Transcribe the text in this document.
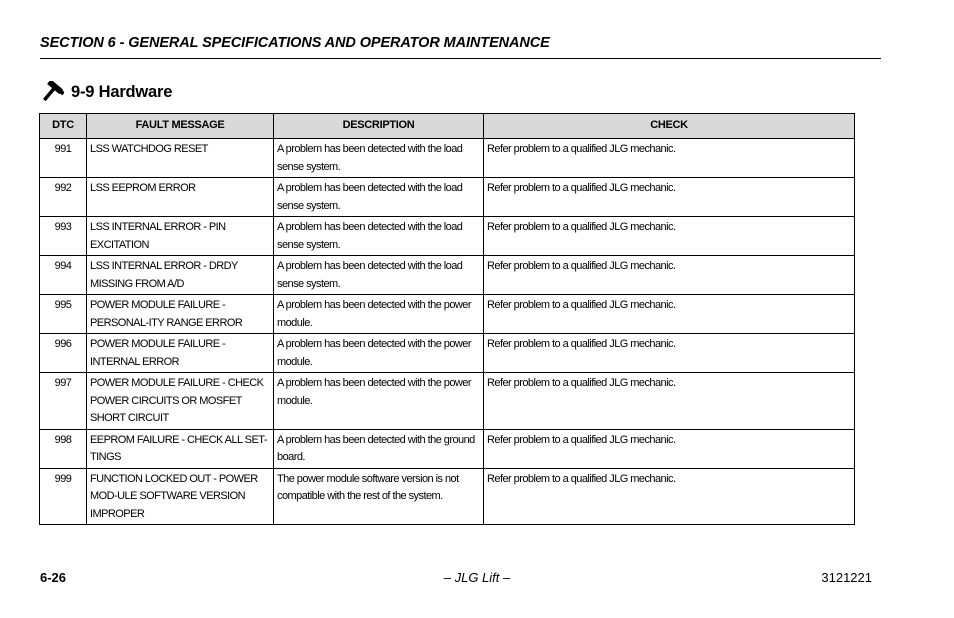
SECTION 6 - GENERAL SPECIFICATIONS AND OPERATOR MAINTENANCE
9-9 Hardware
DTC	FAULT MESSAGE	DESCRIPTION	CHECK
991	LSS WATCHDOG RESET	A problem has been detected with the load sense system.	Refer problem to a qualified JLG mechanic.
992	LSS EEPROM ERROR	A problem has been detected with the load sense system.	Refer problem to a qualified JLG mechanic.
993	LSS INTERNAL ERROR - PIN EXCITATION	A problem has been detected with the load sense system.	Refer problem to a qualified JLG mechanic.
994	LSS INTERNAL ERROR - DRDY MISSING FROM A/D	A problem has been detected with the load sense system.	Refer problem to a qualified JLG mechanic.
995	POWER MODULE FAILURE - PERSONAL-ITY RANGE ERROR	A problem has been detected with the power module.	Refer problem to a qualified JLG mechanic.
996	POWER MODULE FAILURE - INTERNAL ERROR	A problem has been detected with the power module.	Refer problem to a qualified JLG mechanic.
997	POWER MODULE FAILURE - CHECK POWER CIRCUITS OR MOSFET SHORT CIRCUIT	A problem has been detected with the power module.	Refer problem to a qualified JLG mechanic.
998	EEPROM FAILURE - CHECK ALL SET-TINGS	A problem has been detected with the ground board.	Refer problem to a qualified JLG mechanic.
999	FUNCTION LOCKED OUT - POWER MOD-ULE SOFTWARE VERSION IMPROPER	The power module software version is not compatible with the rest of the system.	Refer problem to a qualified JLG mechanic.
6-26	– JLG Lift –	3121221
